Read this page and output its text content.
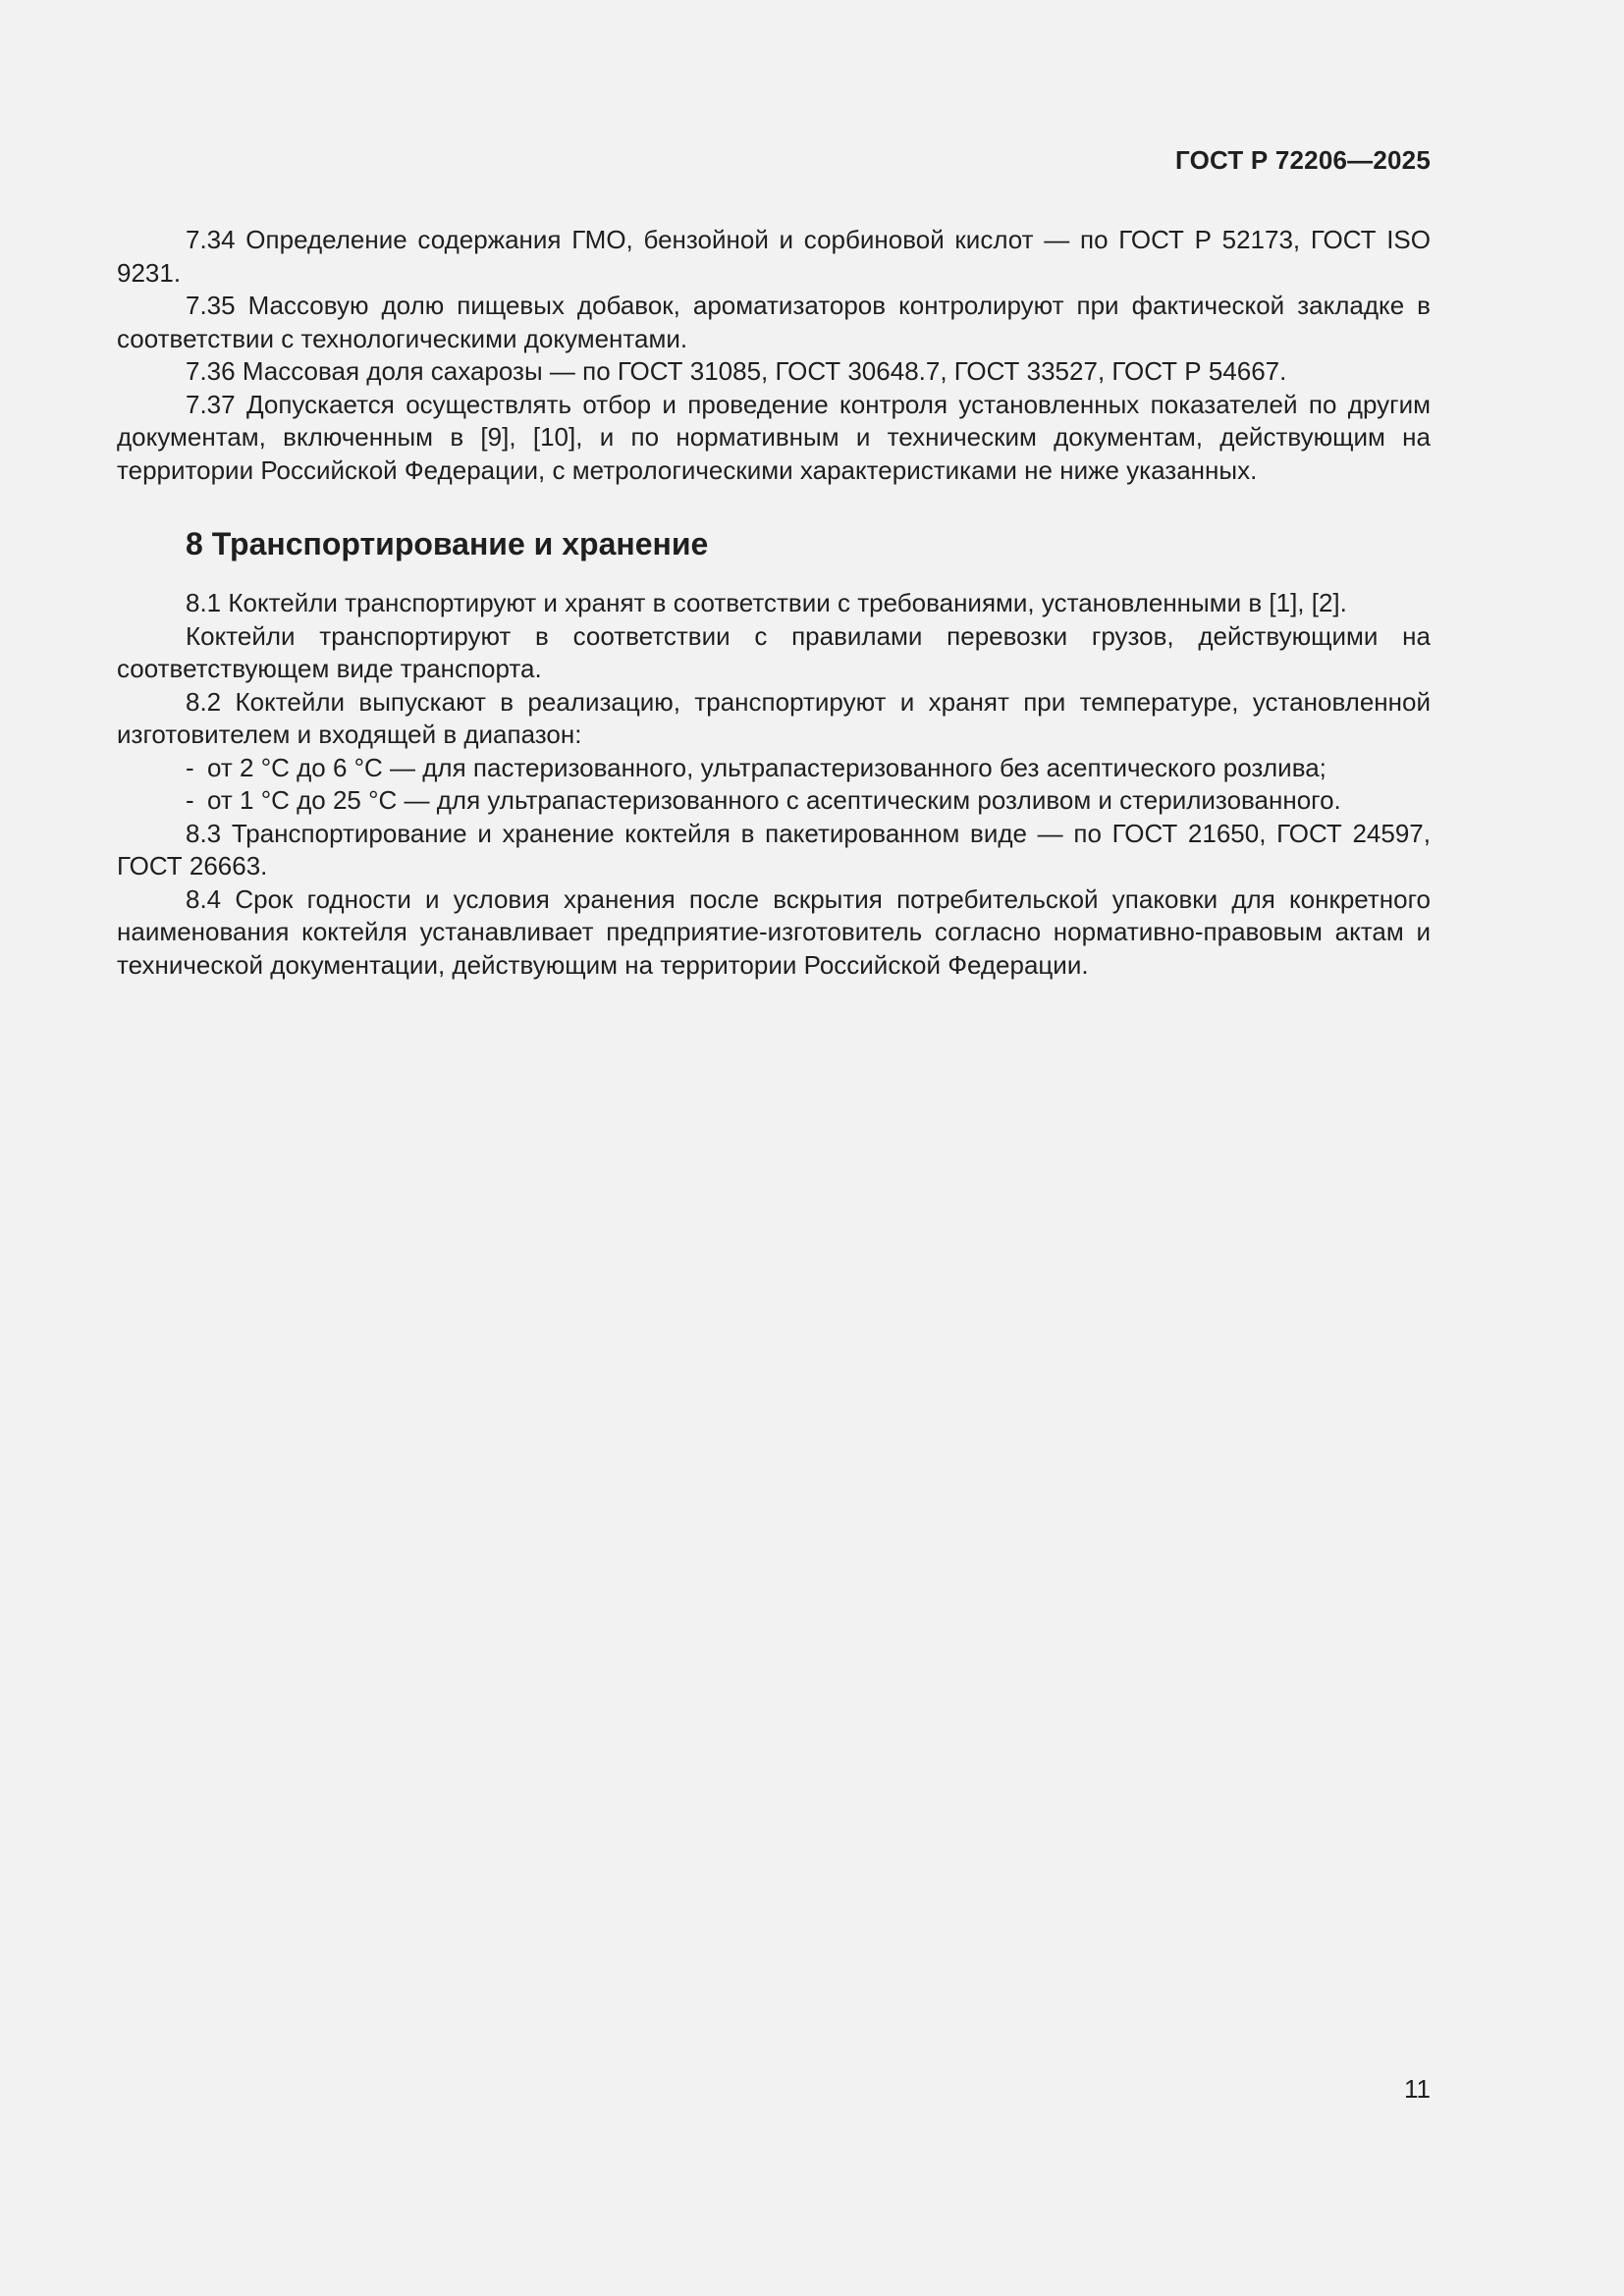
ГОСТ Р 72206—2025

7.34 Определение содержания ГМО, бензойной и сорбиновой кислот — по ГОСТ Р 52173, ГОСТ ISO 9231.

7.35 Массовую долю пищевых добавок, ароматизаторов контролируют при фактической закладке в соответствии с технологическими документами.

7.36 Массовая доля сахарозы — по ГОСТ 31085, ГОСТ 30648.7, ГОСТ 33527, ГОСТ Р 54667.

7.37 Допускается осуществлять отбор и проведение контроля установленных показателей по другим документам, включенным в [9], [10], и по нормативным и техническим документам, действующим на территории Российской Федерации, с метрологическими характеристиками не ниже указанных.

8 Транспортирование и хранение

8.1 Коктейли транспортируют и хранят в соответствии с требованиями, установленными в [1], [2].

Коктейли транспортируют в соответствии с правилами перевозки грузов, действующими на соответствующем виде транспорта.

8.2 Коктейли выпускают в реализацию, транспортируют и хранят при температуре, установленной изготовителем и входящей в диапазон:

- от 2 °С до 6 °С — для пастеризованного, ультрапастеризованного без асептического розлива;

- от 1 °С до 25 °С — для ультрапастеризованного с асептическим розливом и стерилизованного.

8.3 Транспортирование и хранение коктейля в пакетированном виде — по ГОСТ 21650, ГОСТ 24597, ГОСТ 26663.

8.4 Срок годности и условия хранения после вскрытия потребительской упаковки для конкретного наименования коктейля устанавливает предприятие-изготовитель согласно нормативно-правовым актам и технической документации, действующим на территории Российской Федерации.

11
